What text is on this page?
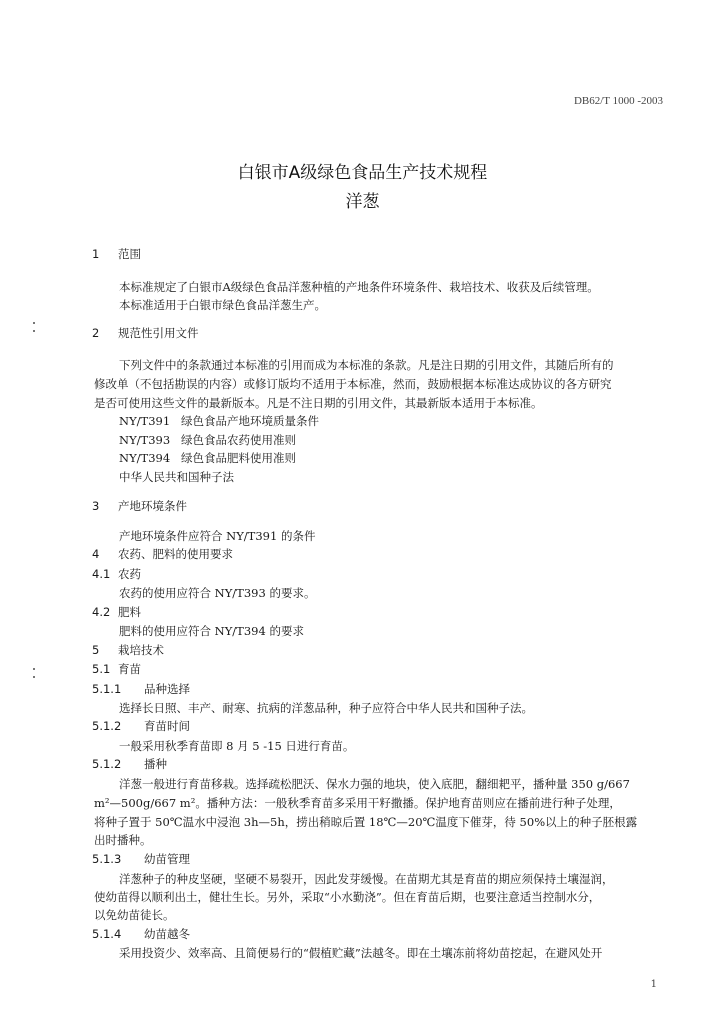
DB62/T 1000 -2003
白银市A级绿色食品生产技术规程
洋葱
1 范围
本标准规定了白银市A级绿色食品洋葱种植的产地条件环境条件、栽培技术、收获及后续管理。
本标准适用于白银市绿色食品洋葱生产。
2 规范性引用文件
下列文件中的条款通过本标准的引用而成为本标准的条款。凡是注日期的引用文件，其随后所有的
修改单（不包括勘误的内容）或修订版均不适用于本标准，然而，鼓励根据本标准达成协议的各方研究
是否可使用这些文件的最新版本。凡是不注日期的引用文件，其最新版本适用于本标准。
NY/T391 绿色食品产地环境质量条件
NY/T393 绿色食品农药使用准则
NY/T394 绿色食品肥料使用准则
中华人民共和国种子法
3 产地环境条件
产地环境条件应符合 NY/T391 的条件
4 农药、肥料的使用要求
4.1 农药
农药的使用应符合 NY/T393 的要求。
4.2 肥料
肥料的使用应符合 NY/T394 的要求
5 栽培技术
5.1 育苗
5.1.1 品种选择
选择长日照、丰产、耐寒、抗病的洋葱品种，种子应符合中华人民共和国种子法。
5.1.2 育苗时间
一般采用秋季育苗即 8 月 5 -15 日进行育苗。
5.1.2 播种
洋葱一般进行育苗移栽。选择疏松肥沃、保水力强的地块，使入底肥，翻细耙平，播种量 350 g/667
m²—500g/667 m²。播种方法：一般秋季育苗多采用干籽撒播。保护地育苗则应在播前进行种子处理，
将种子置于 50℃温水中浸泡 3h—5h，捞出稍晾后置 18℃—20℃温度下催芽，待 50%以上的种子胚根露
出时播种。
5.1.3 幼苗管理
洋葱种子的种皮坚硬，坚硬不易裂开，因此发芽缓慢。在苗期尤其是育苗的期应须保持土壤湿润，
使幼苗得以顺利出土，健壮生长。另外，采取“小水勤浇”。但在育苗后期，也要注意适当控制水分，
以免幼苗徒长。
5.1.4 幼苗越冬
采用投资少、效率高、且简便易行的“假植贮藏”法越冬。即在土壤冻前将幼苗挖起，在避风处开
1
